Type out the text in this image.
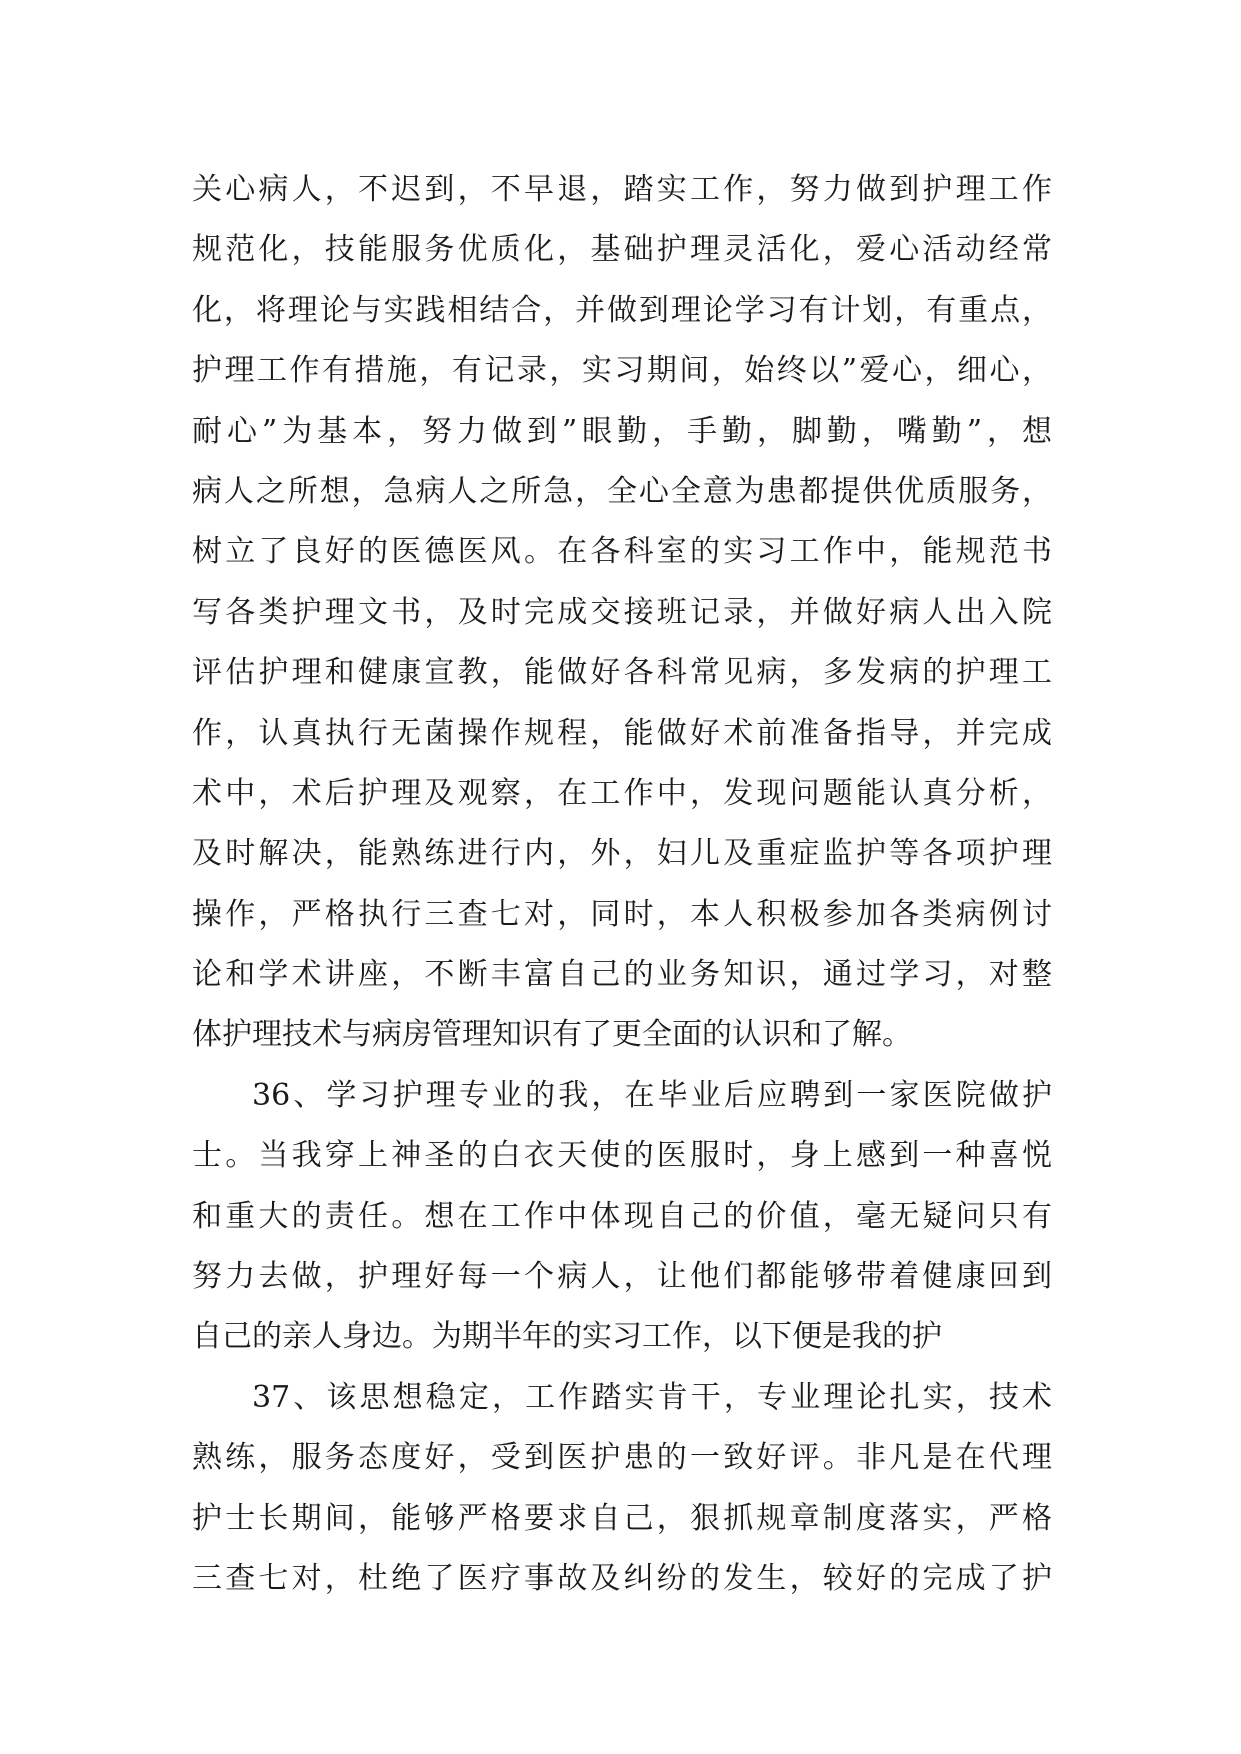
关心病人，不迟到，不早退，踏实工作，努力做到护理工作
规范化，技能服务优质化，基础护理灵活化，爱心活动经常
化，将理论与实践相结合，并做到理论学习有计划，有重点，
护理工作有措施，有记录，实习期间，始终以”爱心，细心，
耐心”为基本，努力做到”眼勤，手勤，脚勤，嘴勤”，想
病人之所想，急病人之所急，全心全意为患都提供优质服务，
树立了良好的医德医风。在各科室的实习工作中，能规范书
写各类护理文书，及时完成交接班记录，并做好病人出入院
评估护理和健康宣教，能做好各科常见病，多发病的护理工
作，认真执行无菌操作规程，能做好术前准备指导，并完成
术中，术后护理及观察，在工作中，发现问题能认真分析，
及时解决，能熟练进行内，外，妇儿及重症监护等各项护理
操作，严格执行三查七对，同时，本人积极参加各类病例讨
论和学术讲座，不断丰富自己的业务知识，通过学习，对整
体护理技术与病房管理知识有了更全面的认识和了解。
36、学习护理专业的我，在毕业后应聘到一家医院做护
士。当我穿上神圣的白衣天使的医服时，身上感到一种喜悦
和重大的责任。想在工作中体现自己的价值，毫无疑问只有
努力去做，护理好每一个病人，让他们都能够带着健康回到
自己的亲人身边。为期半年的实习工作，以下便是我的护
37、该思想稳定，工作踏实肯干，专业理论扎实，技术
熟练，服务态度好，受到医护患的一致好评。非凡是在代理
护士长期间，能够严格要求自己，狠抓规章制度落实，严格
三查七对，杜绝了医疗事故及纠纷的发生，较好的完成了护
